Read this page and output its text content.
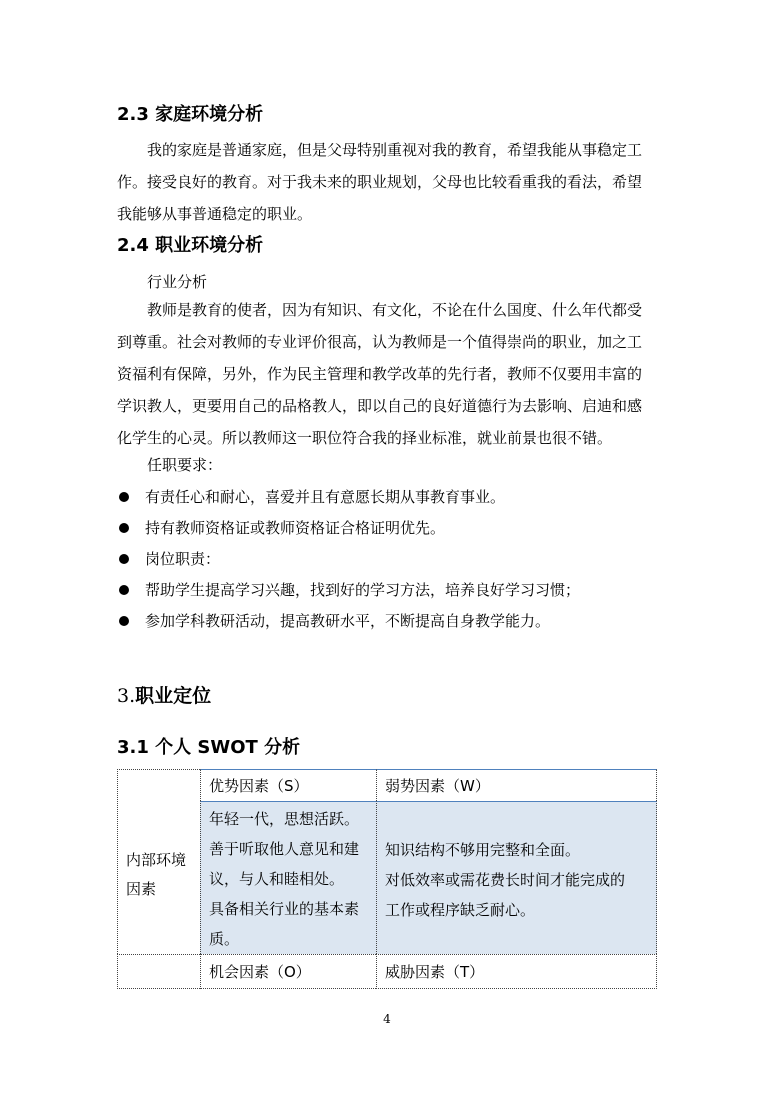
2.3 家庭环境分析
我的家庭是普通家庭，但是父母特别重视对我的教育，希望我能从事稳定工
作。接受良好的教育。对于我未来的职业规划，父母也比较看重我的看法，希望
我能够从事普通稳定的职业。
2.4 职业环境分析
行业分析
教师是教育的使者，因为有知识、有文化，不论在什么国度、什么年代都受
到尊重。社会对教师的专业评价很高，认为教师是一个值得崇尚的职业，加之工
资福利有保障，另外，作为民主管理和教学改革的先行者，教师不仅要用丰富的
学识教人，更要用自己的品格教人，即以自己的良好道德行为去影响、启迪和感
化学生的心灵。所以教师这一职位符合我的择业标准，就业前景也很不错。
任职要求：
有责任心和耐心，喜爱并且有意愿长期从事教育事业。
持有教师资格证或教师资格证合格证明优先。
岗位职责：
帮助学生提高学习兴趣，找到好的学习方法，培养良好学习习惯；
参加学科教研活动，提高教研水平，不断提高自身教学能力。
3.职业定位
3.1 个人 SWOT 分析
内部环境
因素
优势因素（S）	弱势因素（W）
年轻一代，思想活跃。
善于听取他人意见和建
议，与人和睦相处。
具备相关行业的基本素
质。
知识结构不够用完整和全面。
对低效率或需花费长时间才能完成的
工作或程序缺乏耐心。
机会因素（O）	威胁因素（T）
4
